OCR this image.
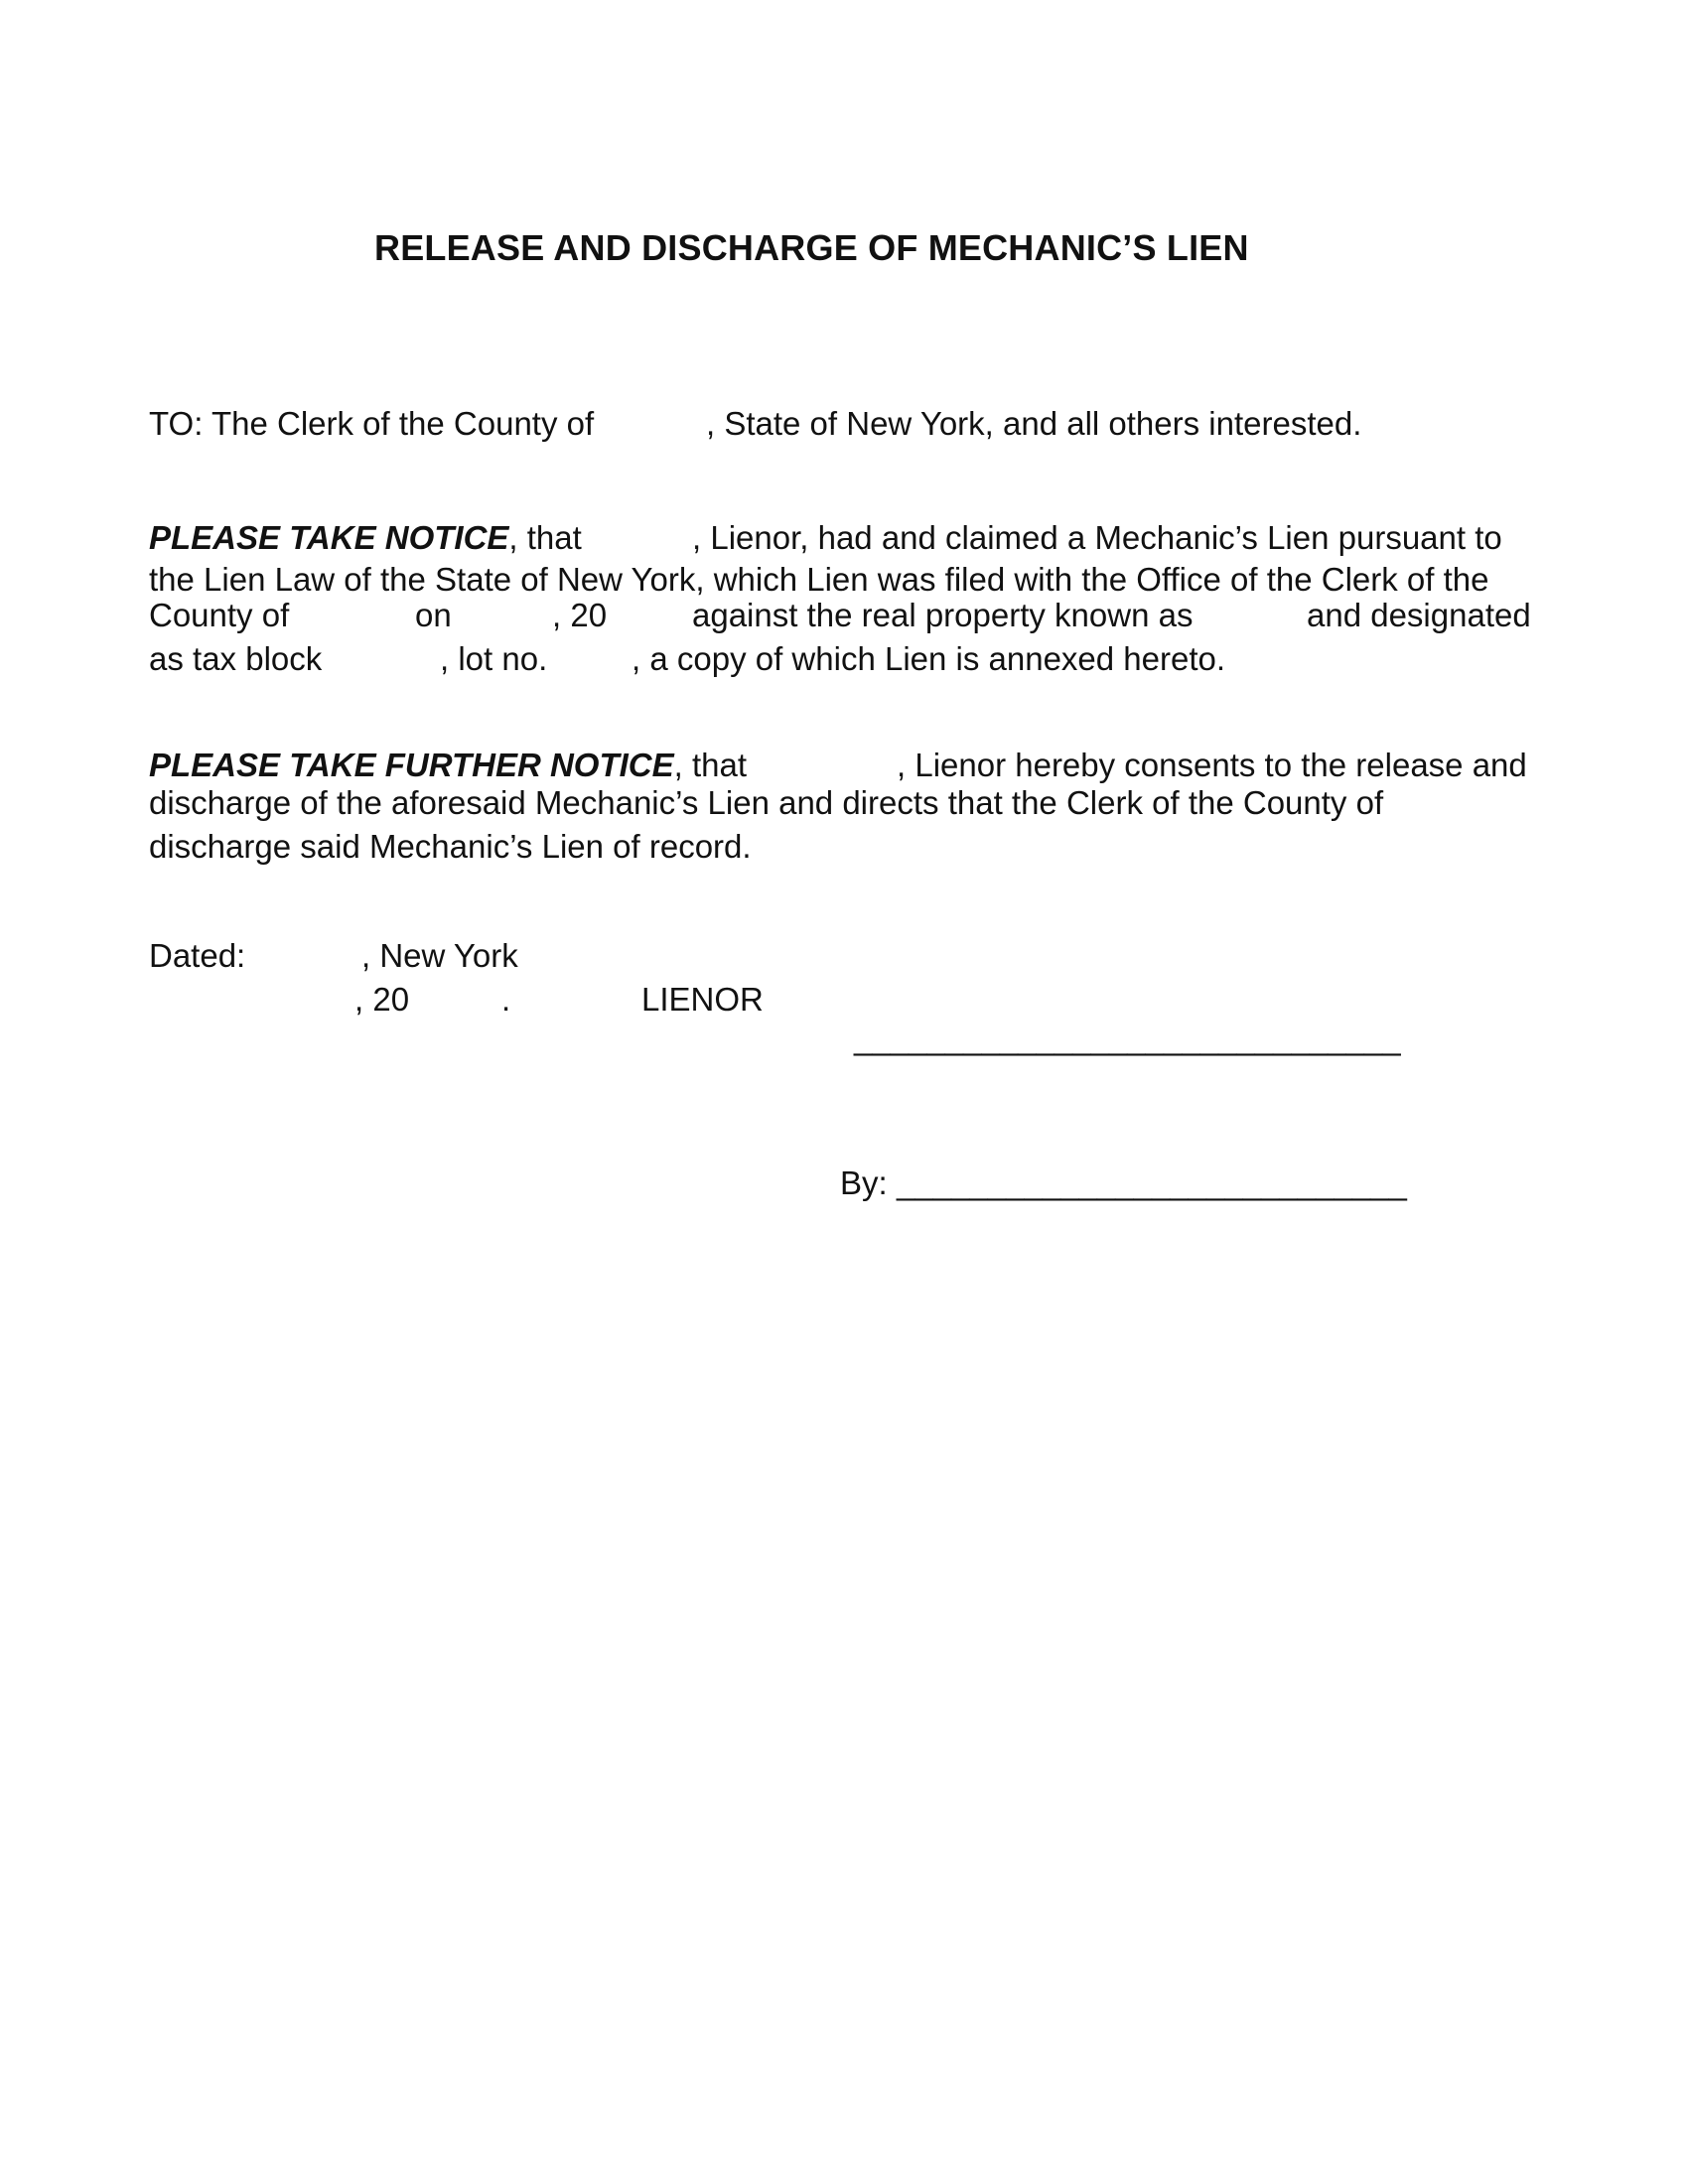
RELEASE AND DISCHARGE OF MECHANIC’S LIEN
TO: The Clerk of the County of	, State of New York, and all others interested.
PLEASE TAKE NOTICE, that	, Lienor, had and claimed a Mechanic’s Lien pursuant to
the Lien Law of the State of New York, which Lien was filed with the Office of the Clerk of the
County of	on	, 20	against the real property known as	and designated
as tax block	, lot no.	, a copy of which Lien is annexed hereto.
PLEASE TAKE FURTHER NOTICE, that	, Lienor hereby consents to the release and
discharge of the aforesaid Mechanic’s Lien and directs that the Clerk of the County of
discharge said Mechanic’s Lien of record.
Dated:	, New York
, 20	.	LIENOR
______________________________
By: ____________________________
